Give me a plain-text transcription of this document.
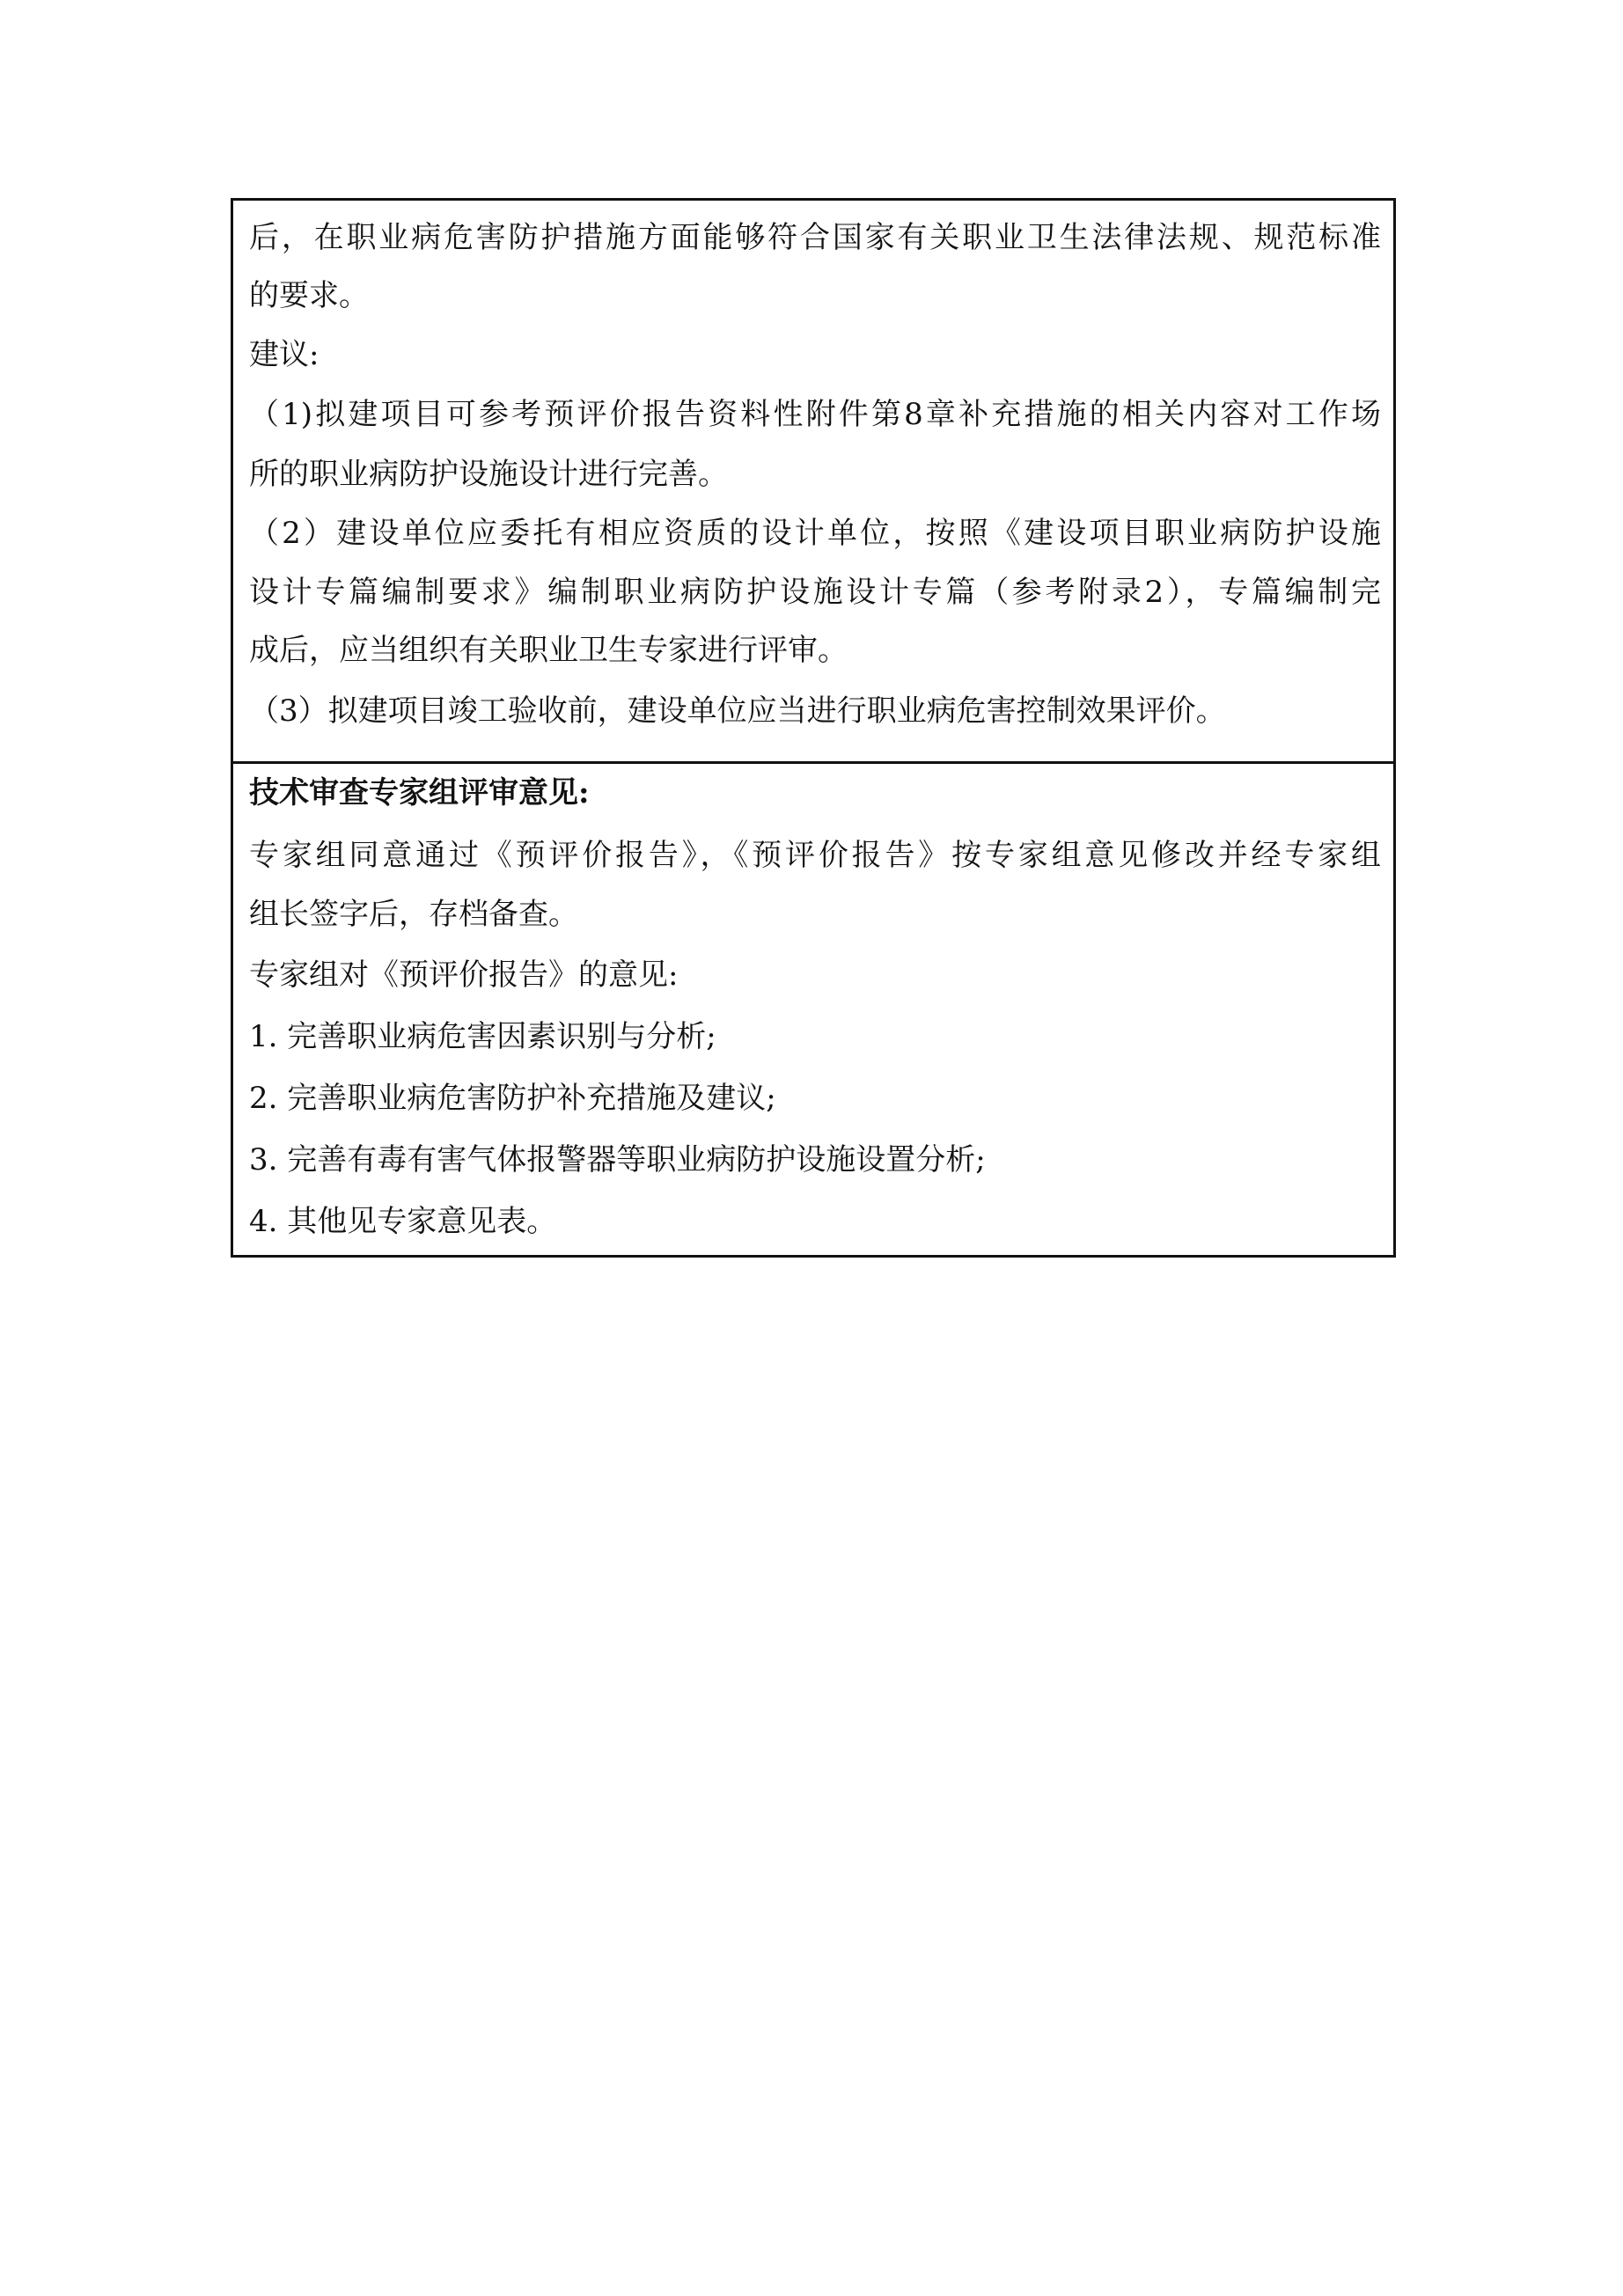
后，在职业病危害防护措施方面能够符合国家有关职业卫生法律法规、规范标准
的要求。
建议:
（1)拟建项目可参考预评价报告资料性附件第8章补充措施的相关内容对工作场
所的职业病防护设施设计进行完善。
（2）建设单位应委托有相应资质的设计单位，按照《建设项目职业病防护设施
设计专篇编制要求》编制职业病防护设施设计专篇（参考附录2），专篇编制完
成后，应当组织有关职业卫生专家进行评审。
（3）拟建项目竣工验收前，建设单位应当进行职业病危害控制效果评价。
技术审查专家组评审意见:
专家组同意通过《预评价报告》，《预评价报告》按专家组意见修改并经专家组
组长签字后，存档备查。
专家组对《预评价报告》的意见:
1. 完善职业病危害因素识别与分析;
2. 完善职业病危害防护补充措施及建议;
3. 完善有毒有害气体报警器等职业病防护设施设置分析;
4. 其他见专家意见表。
